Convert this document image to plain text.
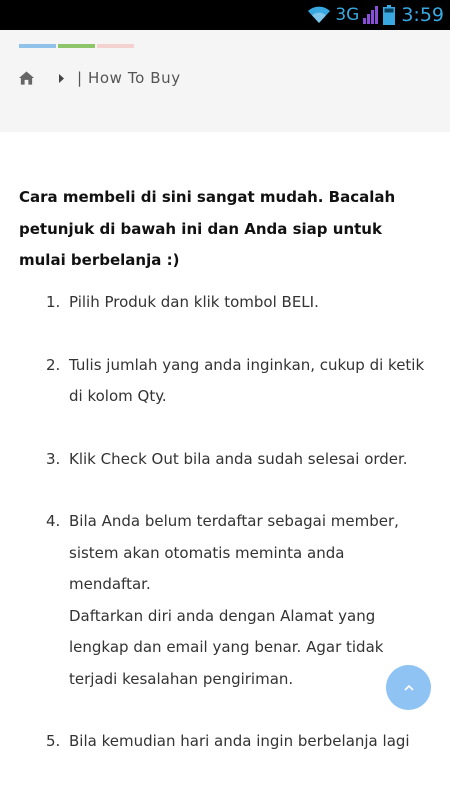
3G 3:59
| How To Buy

Cara membeli di sini sangat mudah. Bacalah petunjuk di bawah ini dan Anda siap untuk mulai berbelanja :)

1. Pilih Produk dan klik tombol BELI.
2. Tulis jumlah yang anda inginkan, cukup di ketik di kolom Qty.
3. Klik Check Out bila anda sudah selesai order.
4. Bila Anda belum terdaftar sebagai member, sistem akan otomatis meminta anda mendaftar.
Daftarkan diri anda dengan Alamat yang lengkap dan email yang benar. Agar tidak terjadi kesalahan pengiriman.
5. Bila kemudian hari anda ingin berbelanja lagi
